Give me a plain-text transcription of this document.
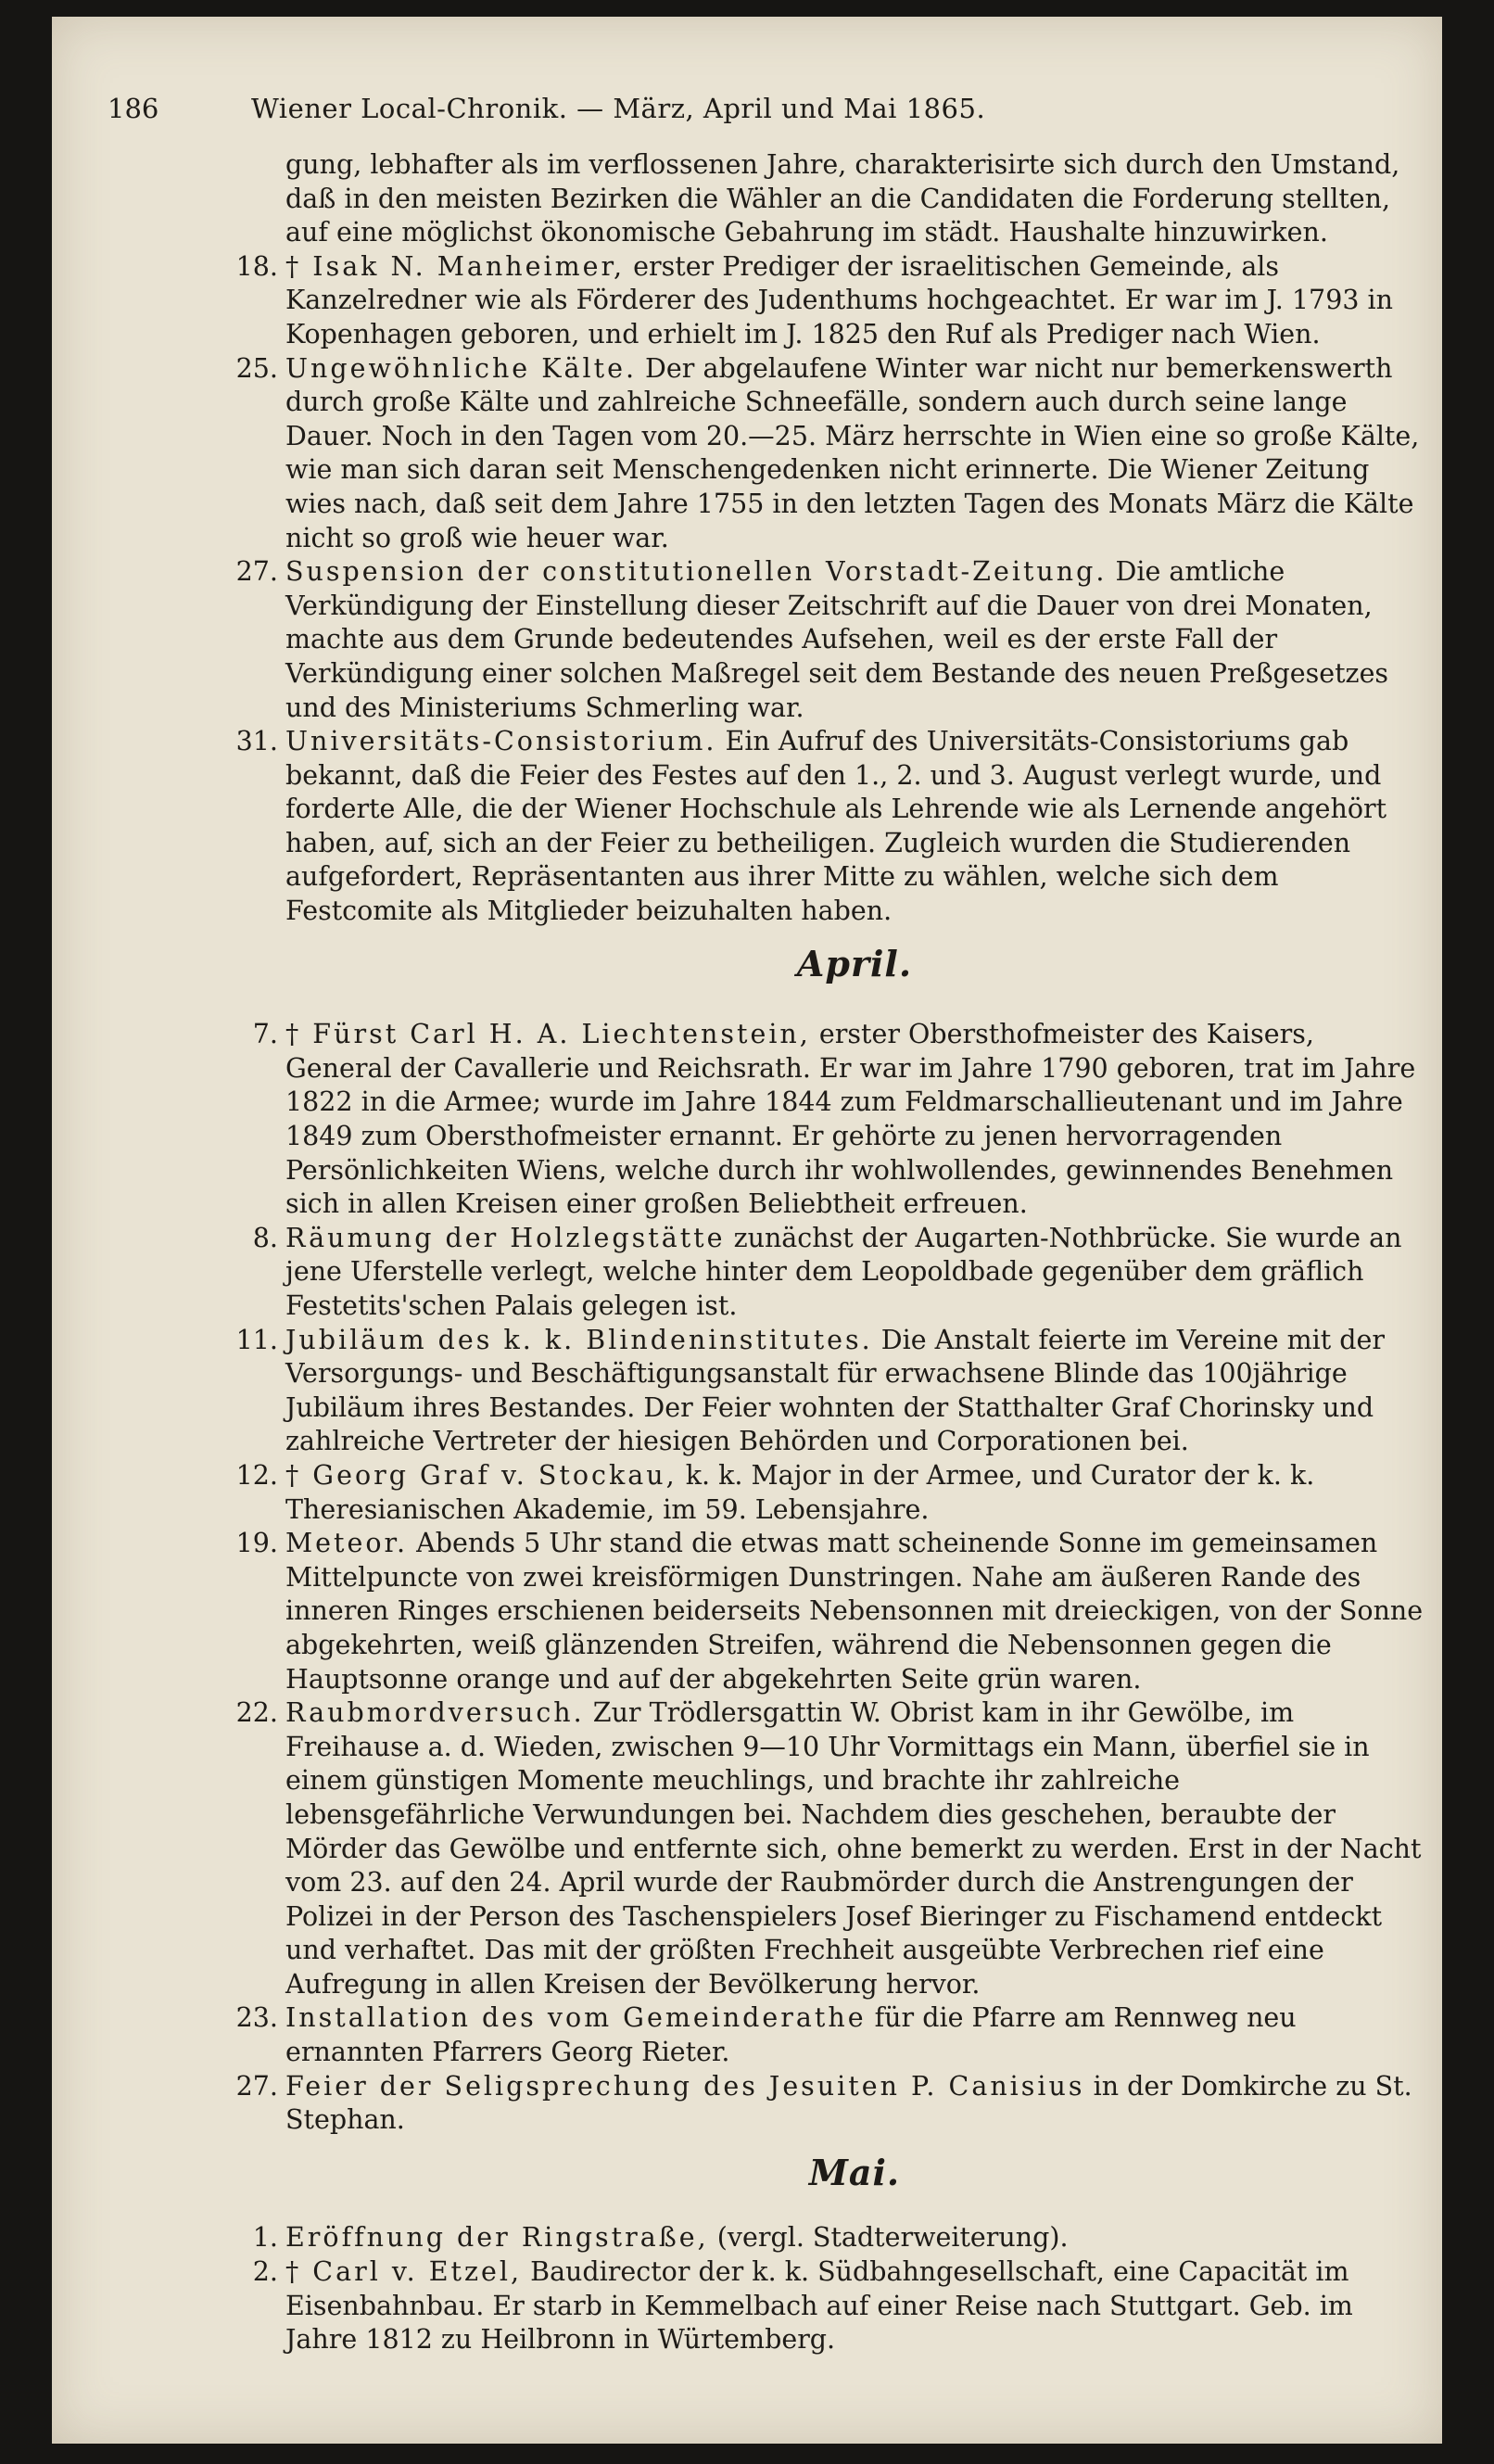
186	Wiener Local-Chronik. — März, April und Mai 1865.

gung, lebhafter als im verflossenen Jahre, charakterisirte sich durch den Umstand, daß in den meisten Bezirken die Wähler an die Candidaten die Forderung stellten, auf eine möglichst ökonomische Gebahrung im städt. Haushalte hinzuwirken.

18. † Isak N. Manheimer, erster Prediger der israelitischen Gemeinde, als Kanzelredner wie als Förderer des Judenthums hochgeachtet. Er war im J. 1793 in Kopenhagen geboren, und erhielt im J. 1825 den Ruf als Prediger nach Wien.
25. Ungewöhnliche Kälte. Der abgelaufene Winter war nicht nur bemerkenswerth durch große Kälte und zahlreiche Schneefälle, sondern auch durch seine lange Dauer. Noch in den Tagen vom 20.—25. März herrschte in Wien eine so große Kälte, wie man sich daran seit Menschengedenken nicht erinnerte. Die Wiener Zeitung wies nach, daß seit dem Jahre 1755 in den letzten Tagen des Monats März die Kälte nicht so groß wie heuer war.
27. Suspension der constitutionellen Vorstadt-Zeitung. Die amtliche Verkündigung der Einstellung dieser Zeitschrift auf die Dauer von drei Monaten, machte aus dem Grunde bedeutendes Aufsehen, weil es der erste Fall der Verkündigung einer solchen Maßregel seit dem Bestande des neuen Preßgesetzes und des Ministeriums Schmerling war.
31. Universitäts-Consistorium. Ein Aufruf des Universitäts-Consistoriums gab bekannt, daß die Feier des Festes auf den 1., 2. und 3. August verlegt wurde, und forderte Alle, die der Wiener Hochschule als Lehrende wie als Lernende angehört haben, auf, sich an der Feier zu betheiligen. Zugleich wurden die Studierenden aufgefordert, Repräsentanten aus ihrer Mitte zu wählen, welche sich dem Festcomite als Mitglieder beizuhalten haben.
April.
7. † Fürst Carl H. A. Liechtenstein, erster Obersthofmeister des Kaisers, General der Cavallerie und Reichsrath. Er war im Jahre 1790 geboren, trat im Jahre 1822 in die Armee; wurde im Jahre 1844 zum Feldmarschallieutenant und im Jahre 1849 zum Obersthofmeister ernannt. Er gehörte zu jenen hervorragenden Persönlichkeiten Wiens, welche durch ihr wohlwollendes, gewinnendes Benehmen sich in allen Kreisen einer großen Beliebtheit erfreuen.
8. Räumung der Holzlegstätte zunächst der Augarten-Nothbrücke. Sie wurde an jene Uferstelle verlegt, welche hinter dem Leopoldbade gegenüber dem gräflich Festetits'schen Palais gelegen ist.
11. Jubiläum des k. k. Blindeninstitutes. Die Anstalt feierte im Vereine mit der Versorgungs- und Beschäftigungsanstalt für erwachsene Blinde das 100jährige Jubiläum ihres Bestandes. Der Feier wohnten der Statthalter Graf Chorinsky und zahlreiche Vertreter der hiesigen Behörden und Corporationen bei.
12. † Georg Graf v. Stockau, k. k. Major in der Armee, und Curator der k. k. Theresianischen Akademie, im 59. Lebensjahre.
19. Meteor. Abends 5 Uhr stand die etwas matt scheinende Sonne im gemeinsamen Mittelpuncte von zwei kreisförmigen Dunstringen. Nahe am äußeren Rande des inneren Ringes erschienen beiderseits Nebensonnen mit dreieckigen, von der Sonne abgekehrten, weiß glänzenden Streifen, während die Nebensonnen gegen die Hauptsonne orange und auf der abgekehrten Seite grün waren.
22. Raubmordversuch. Zur Trödlersgattin W. Obrist kam in ihr Gewölbe, im Freihause a. d. Wieden, zwischen 9—10 Uhr Vormittags ein Mann, überfiel sie in einem günstigen Momente meuchlings, und brachte ihr zahlreiche lebensgefährliche Verwundungen bei. Nachdem dies geschehen, beraubte der Mörder das Gewölbe und entfernte sich, ohne bemerkt zu werden. Erst in der Nacht vom 23. auf den 24. April wurde der Raubmörder durch die Anstrengungen der Polizei in der Person des Taschenspielers Josef Bieringer zu Fischamend entdeckt und verhaftet. Das mit der größten Frechheit ausgeübte Verbrechen rief eine Aufregung in allen Kreisen der Bevölkerung hervor.
23. Installation des vom Gemeinderathe für die Pfarre am Rennweg neu ernannten Pfarrers Georg Rieter.
27. Feier der Seligsprechung des Jesuiten P. Canisius in der Domkirche zu St. Stephan.
Mai.
1. Eröffnung der Ringstraße, (vergl. Stadterweiterung).
2. † Carl v. Etzel, Baudirector der k. k. Südbahngesellschaft, eine Capacität im Eisenbahnbau. Er starb in Kemmelbach auf einer Reise nach Stuttgart. Geb. im Jahre 1812 zu Heilbronn in Würtemberg.
